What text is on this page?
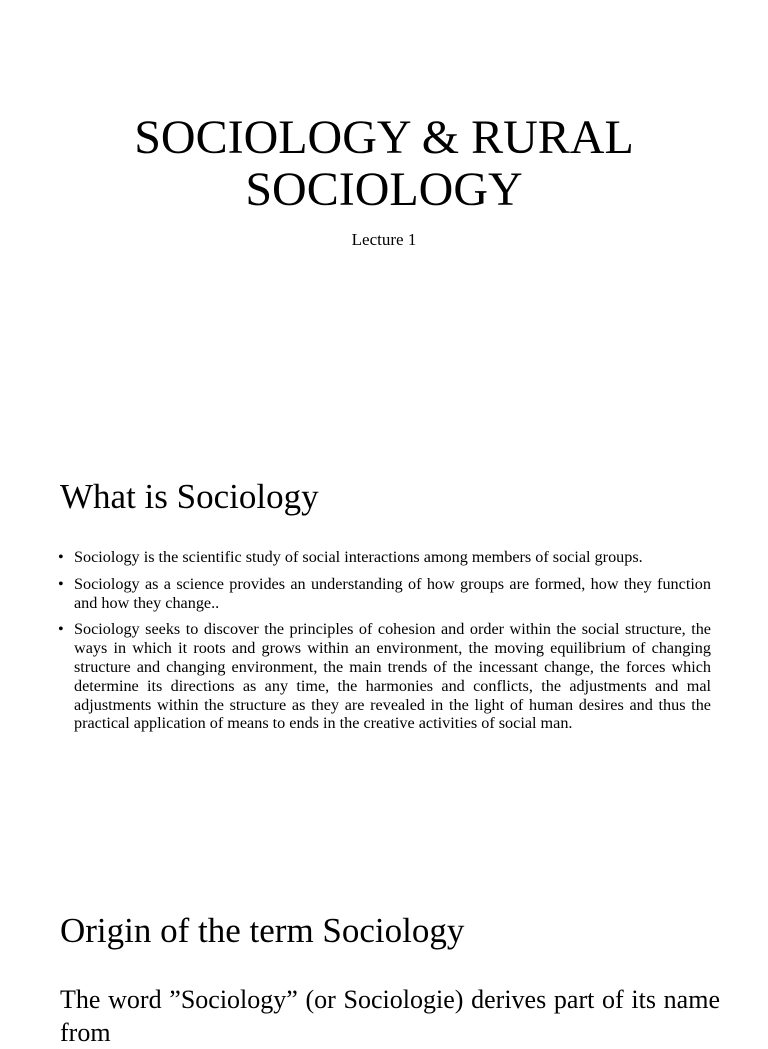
SOCIOLOGY & RURAL
SOCIOLOGY

Lecture 1

What is Sociology
• Sociology is the scientific study of social interactions among members of social groups.
• Sociology as a science provides an understanding of how groups are formed, how they function and how they change..
• Sociology seeks to discover the principles of cohesion and order within the social structure, the ways in which it roots and grows within an environment, the moving equilibrium of changing structure and changing environment, the main trends of the incessant change, the forces which determine its directions as any time, the harmonies and conflicts, the adjustments and mal adjustments within the structure as they are revealed in the light of human desires and thus the practical application of means to ends in the creative activities of social man.
Origin of the term Sociology

The word ”Sociology” (or Sociologie) derives part of its name from
